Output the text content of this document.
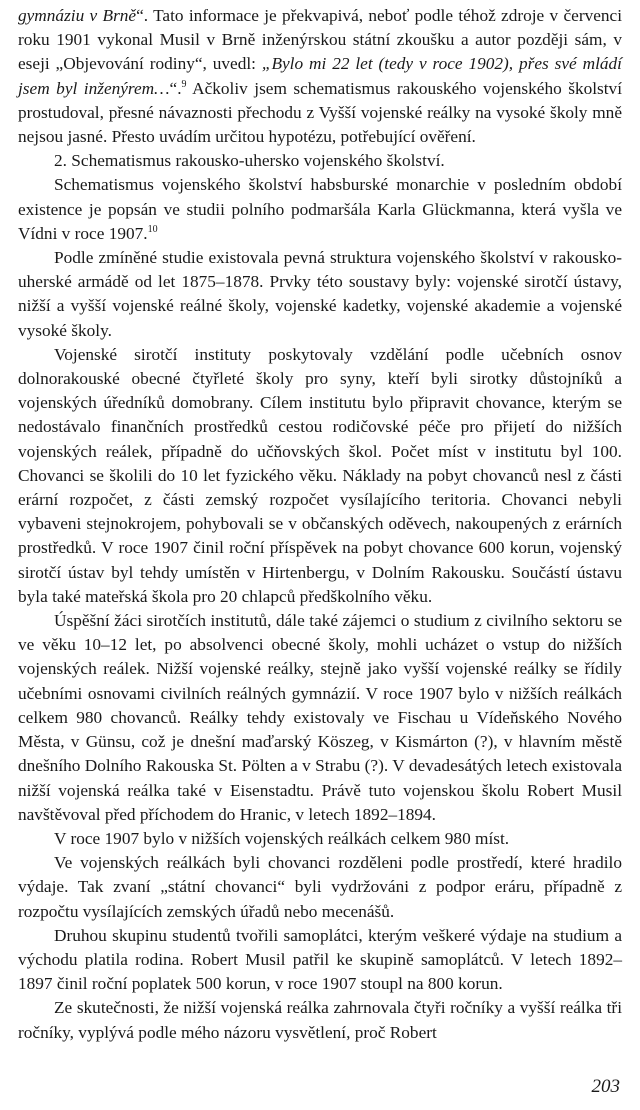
gymnáziu v Brně“. Tato informace je překvapivá, neboť podle téhož zdroje v červenci roku 1901 vykonal Musil v Brně inženýrskou státní zkoušku a autor později sám, v eseji „Objevování rodiny“, uvedl: „Bylo mi 22 let (tedy v roce 1902), přes své mládí jsem byl inženýrem…“.$^9$ Ačkoliv jsem schematismus rakouského vojenského školství prostudoval, přesné návaznosti přechodu z Vyšší vojenské reálky na vysoké školy mně nejsou jasné. Přesto uvádím určitou hypotézu, potřebující ověření.

2. Schematismus rakousko-uhersko vojenského školství.

Schematismus vojenského školství habsburské monarchie v posledním období existence je popsán ve studii polního podmaršála Karla Glückmanna, která vyšla ve Vídni v roce 1907.10

Podle zmíněné studie existovala pevná struktura vojenského školství v rakousko-uherské armádě od let 1875–1878. Prvky této soustavy byly: vojenské sirotčí ústavy, nižší a vyšší vojenské reálné školy, vojenské kadetky, vojenské akademie a vojenské vysoké školy.

Vojenské sirotčí instituty poskytovaly vzdělání podle učebních osnov dolnorakouské obecné čtyřleté školy pro syny, kteří byli sirotky důstojníků a vojenských úředníků domobrany. Cílem institutu bylo připravit chovance, kterým se nedostávalo finančních prostředků cestou rodičovské péče pro přijetí do nižších vojenských reálek, případně do učňovských škol. Počet míst v institutu byl 100. Chovanci se školili do 10 let fyzického věku. Náklady na pobyt chovanců nesl z části erární rozpočet, z části zemský rozpočet vysílajícího teritoria. Chovanci nebyli vybaveni stejnokrojem, pohybovali se v občanských oděvech, nakoupených z erárních prostředků. V roce 1907 činil roční příspěvek na pobyt chovance 600 korun, vojenský sirotčí ústav byl tehdy umístěn v Hirtenbergu, v Dolním Rakousku. Součástí ústavu byla také mateřská škola pro 20 chlapců předškolního věku.

Úspěšní žáci sirotčích institutů, dále také zájemci o studium z civilního sektoru se ve věku 10–12 let, po absolvenci obecné školy, mohli ucházet o vstup do nižších vojenských reálek. Nižší vojenské reálky, stejně jako vyšší vojenské reálky se řídily učebními osnovami civilních reálných gymnázií. V roce 1907 bylo v nižších reálkách celkem 980 chovanců. Reálky tehdy existovaly ve Fischau u Vídeňského Nového Města, v Günsu, což je dnešní maďarský Köszeg, v Kismárton (?), v hlavním městě dnešního Dolního Rakouska St. Pölten a v Strabu (?). V devadesátých letech existovala nižší vojenská reálka také v Eisenstadtu. Právě tuto vojenskou školu Robert Musil navštěvoval před příchodem do Hranic, v letech 1892–1894.

V roce 1907 bylo v nižších vojenských reálkách celkem 980 míst.

Ve vojenských reálkách byli chovanci rozděleni podle prostředí, které hradilo výdaje. Tak zvaní „státní chovanci“ byli vydržováni z podpor eráru, případně z rozpočtu vysílajících zemských úřadů nebo mecenášů.

Druhou skupinu studentů tvořili samoplátci, kterým veškeré výdaje na studium a východu platila rodina. Robert Musil patřil ke skupině samoplátců. V letech 1892–1897 činil roční poplatek 500 korun, v roce 1907 stoupl na 800 korun.

Ze skutečnosti, že nižší vojenská reálka zahrnovala čtyři ročníky a vyšší reálka tři ročníky, vyplývá podle mého názoru vysvětlení, proč Robert

203
